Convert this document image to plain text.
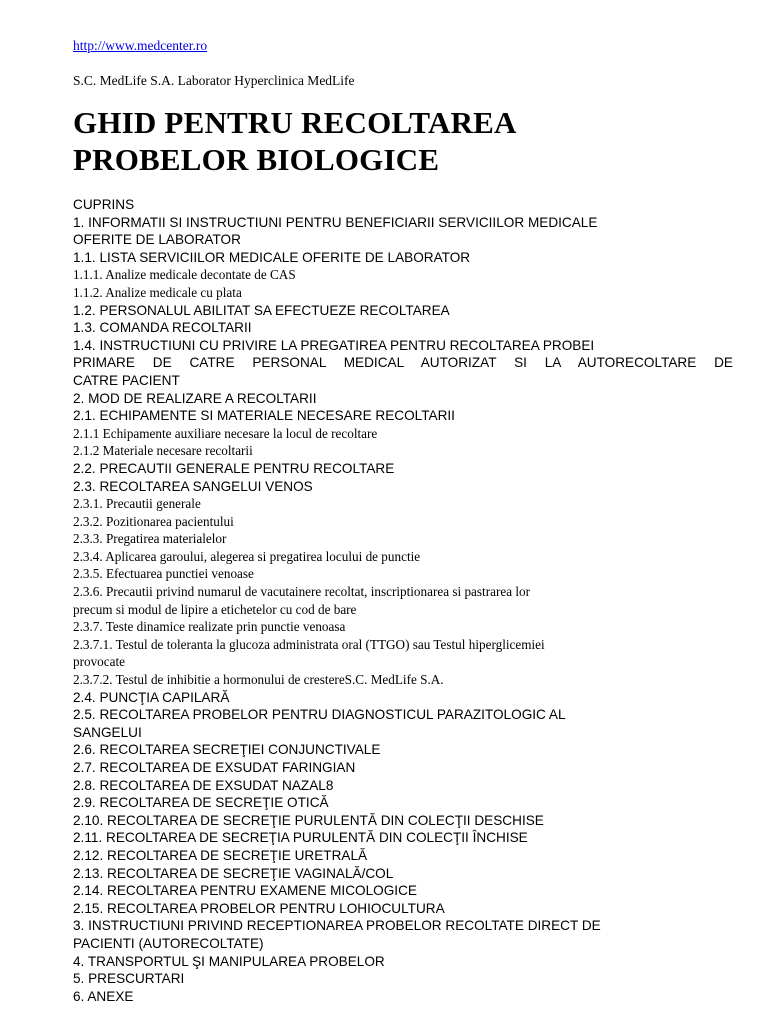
http://www.medcenter.ro
S.C. MedLife S.A. Laborator Hyperclinica MedLife
GHID PENTRU RECOLTAREA
PROBELOR BIOLOGICE
CUPRINS
1. INFORMATII SI INSTRUCTIUNI PENTRU BENEFICIARII SERVICIILOR MEDICALE
OFERITE DE LABORATOR
1.1. LISTA SERVICIILOR MEDICALE OFERITE DE LABORATOR
1.1.1. Analize medicale decontate de CAS
1.1.2. Analize medicale cu plata
1.2. PERSONALUL ABILITAT SA EFECTUEZE RECOLTAREA
1.3. COMANDA RECOLTARII
1.4. INSTRUCTIUNI CU PRIVIRE LA PREGATIREA PENTRU RECOLTAREA PROBEI
PRIMARE DE CATRE PERSONAL MEDICAL AUTORIZAT SI LA AUTORECOLTARE DE
CATRE PACIENT
2. MOD DE REALIZARE A RECOLTARII
2.1. ECHIPAMENTE SI MATERIALE NECESARE RECOLTARII
2.1.1 Echipamente auxiliare necesare la locul de recoltare
2.1.2 Materiale necesare recoltarii
2.2. PRECAUTII GENERALE PENTRU RECOLTARE
2.3. RECOLTAREA SANGELUI VENOS
2.3.1. Precautii generale
2.3.2. Pozitionarea pacientului
2.3.3. Pregatirea materialelor
2.3.4. Aplicarea garoului, alegerea si pregatirea locului de punctie
2.3.5. Efectuarea punctiei venoase
2.3.6. Precautii privind numarul de vacutainere recoltat, inscriptionarea si pastrarea lor
precum si modul de lipire a etichetelor cu cod de bare
2.3.7. Teste dinamice realizate prin punctie venoasa
2.3.7.1. Testul de toleranta la glucoza administrata oral (TTGO) sau Testul hiperglicemiei
provocate
2.3.7.2. Testul de inhibitie a hormonului de crestereS.C. MedLife S.A.
2.4. PUNCŢIA CAPILARĂ
2.5. RECOLTAREA PROBELOR PENTRU DIAGNOSTICUL PARAZITOLOGIC AL
SANGELUI
2.6. RECOLTAREA SECREŢIEI CONJUNCTIVALE
2.7. RECOLTAREA DE EXSUDAT FARINGIAN
2.8. RECOLTAREA DE EXSUDAT NAZAL8
2.9. RECOLTAREA DE SECREŢIE OTICĂ
2.10. RECOLTAREA DE SECREŢIE PURULENTĂ DIN COLECŢII DESCHISE
2.11. RECOLTAREA DE SECREŢIA PURULENTĂ DIN COLECŢII ÎNCHISE
2.12. RECOLTAREA DE SECREŢIE URETRALĂ
2.13. RECOLTAREA DE SECREŢIE VAGINALĂ/COL
2.14. RECOLTAREA PENTRU EXAMENE MICOLOGICE
2.15. RECOLTAREA PROBELOR PENTRU LOHIOCULTURA
3. INSTRUCTIUNI PRIVIND RECEPTIONAREA PROBELOR RECOLTATE DIRECT DE
PACIENTI (AUTORECOLTATE)
4. TRANSPORTUL ŞI MANIPULAREA PROBELOR
5. PRESCURTARI
6. ANEXE
